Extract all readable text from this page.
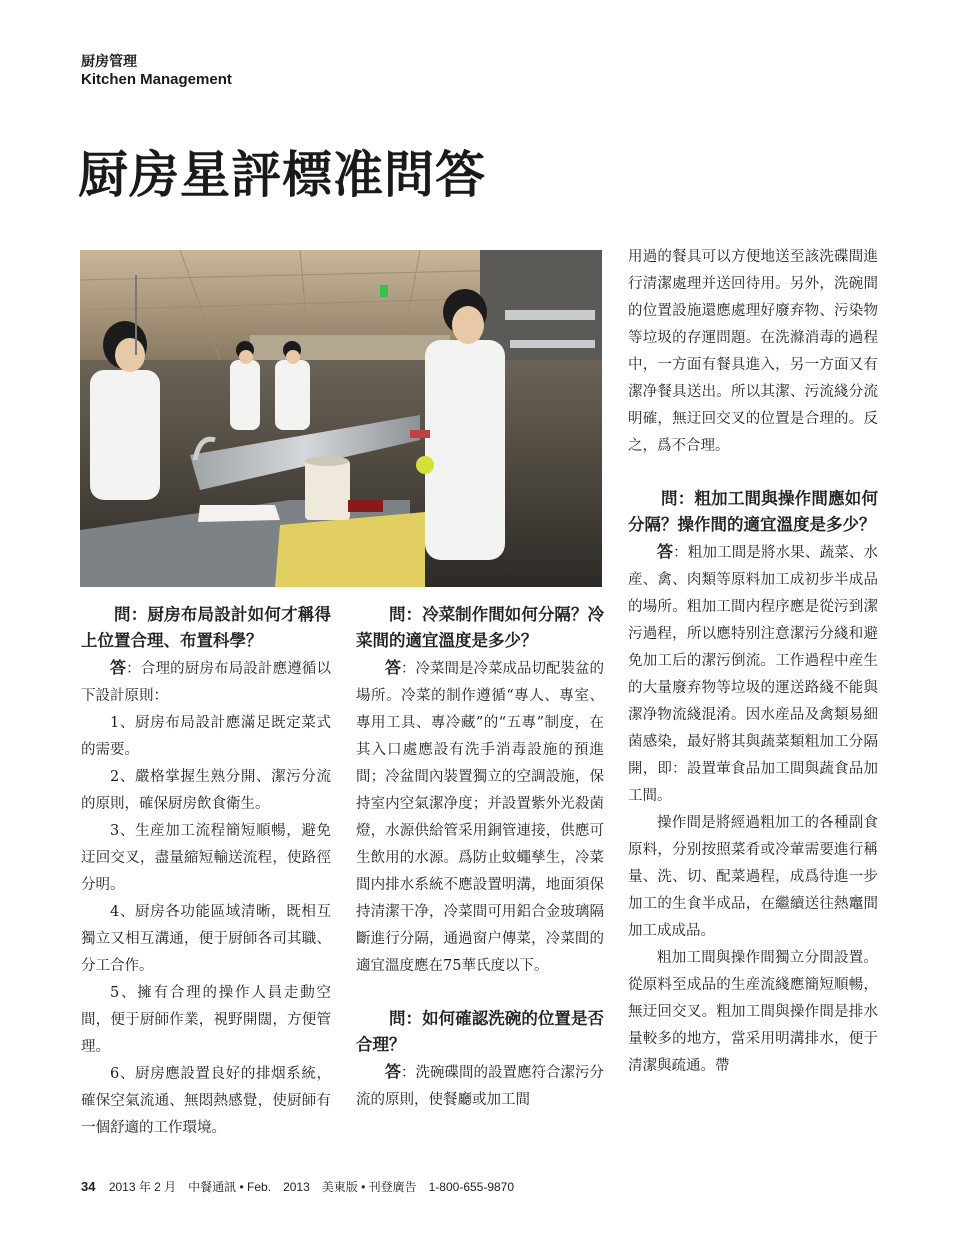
厨房管理
Kitchen Management
厨房星評標准問答

問：厨房布局設計如何才稱得上位置合理、布置科學？

答：合理的厨房布局設計應遵循以下設計原則：

1、厨房布局設計應滿足既定菜式的需要。

2、嚴格掌握生熟分開、潔污分流的原則，確保厨房飲食衛生。

3、生産加工流程簡短順暢，避免迂回交叉，盡量縮短輸送流程，使路徑分明。

4、厨房各功能區域清晰，既相互獨立又相互溝通，便于厨師各司其職、分工合作。

5、擁有合理的操作人員走動空間，便于厨師作業，視野開闊，方便管理。

6、厨房應設置良好的排烟系統，確保空氣流通、無悶熱感覺，使厨師有一個舒適的工作環境。

問：冷菜制作間如何分隔？冷菜間的適宜溫度是多少？

答：冷菜間是冷菜成品切配裝盆的場所。冷菜的制作遵循“專人、專室、專用工具、專冷藏”的“五專”制度，在其入口處應設有洗手消毒設施的預進間；冷盆間內裝置獨立的空調設施，保持室内空氣潔净度；并設置紫外光殺菌燈，水源供給管采用銅管連接，供應可生飲用的水源。爲防止蚊蠅孳生，冷菜間内排水系統不應設置明溝，地面須保持清潔干净，冷菜間可用鋁合金玻璃隔斷進行分隔，通過窗户傳菜，冷菜間的適宜溫度應在75華氏度以下。

問：如何確認洗碗的位置是否合理？

答：洗碗碟間的設置應符合潔污分流的原則，使餐廳或加工間

用過的餐具可以方便地送至該洗碟間進行清潔處理并送回待用。另外，洗碗間的位置設施還應處理好廢弃物、污染物等垃圾的存運問題。在洗滌消毒的過程中，一方面有餐具進入，另一方面又有潔净餐具送出。所以其潔、污流綫分流明確，無迂回交叉的位置是合理的。反之，爲不合理。

問：粗加工間與操作間應如何分隔？操作間的適宜溫度是多少？

答：粗加工間是將水果、蔬菜、水産、禽、肉類等原料加工成初步半成品的場所。粗加工間内程序應是從污到潔污過程，所以應特别注意潔污分綫和避免加工后的潔污倒流。工作過程中産生的大量廢弃物等垃圾的運送路綫不能與潔净物流綫混淆。因水産品及禽類易細菌感染，最好將其與蔬菜類粗加工分隔開，即：設置葷食品加工間與蔬食品加工間。

操作間是將經過粗加工的各種副食原料，分别按照菜肴或冷葷需要進行稱量、洗、切、配菜過程，成爲待進一步加工的生食半成品，在繼續送往熱竈間加工成成品。

粗加工間與操作間獨立分間設置。從原料至成品的生産流綫應簡短順暢，無迂回交叉。粗加工間與操作間是排水量較多的地方，當采用明溝排水，便于清潔與疏通。帶

34 2013 年 2 月　中餐通訊 • Feb.　2013　美東版 • 刊登廣告　1-800-655-9870
